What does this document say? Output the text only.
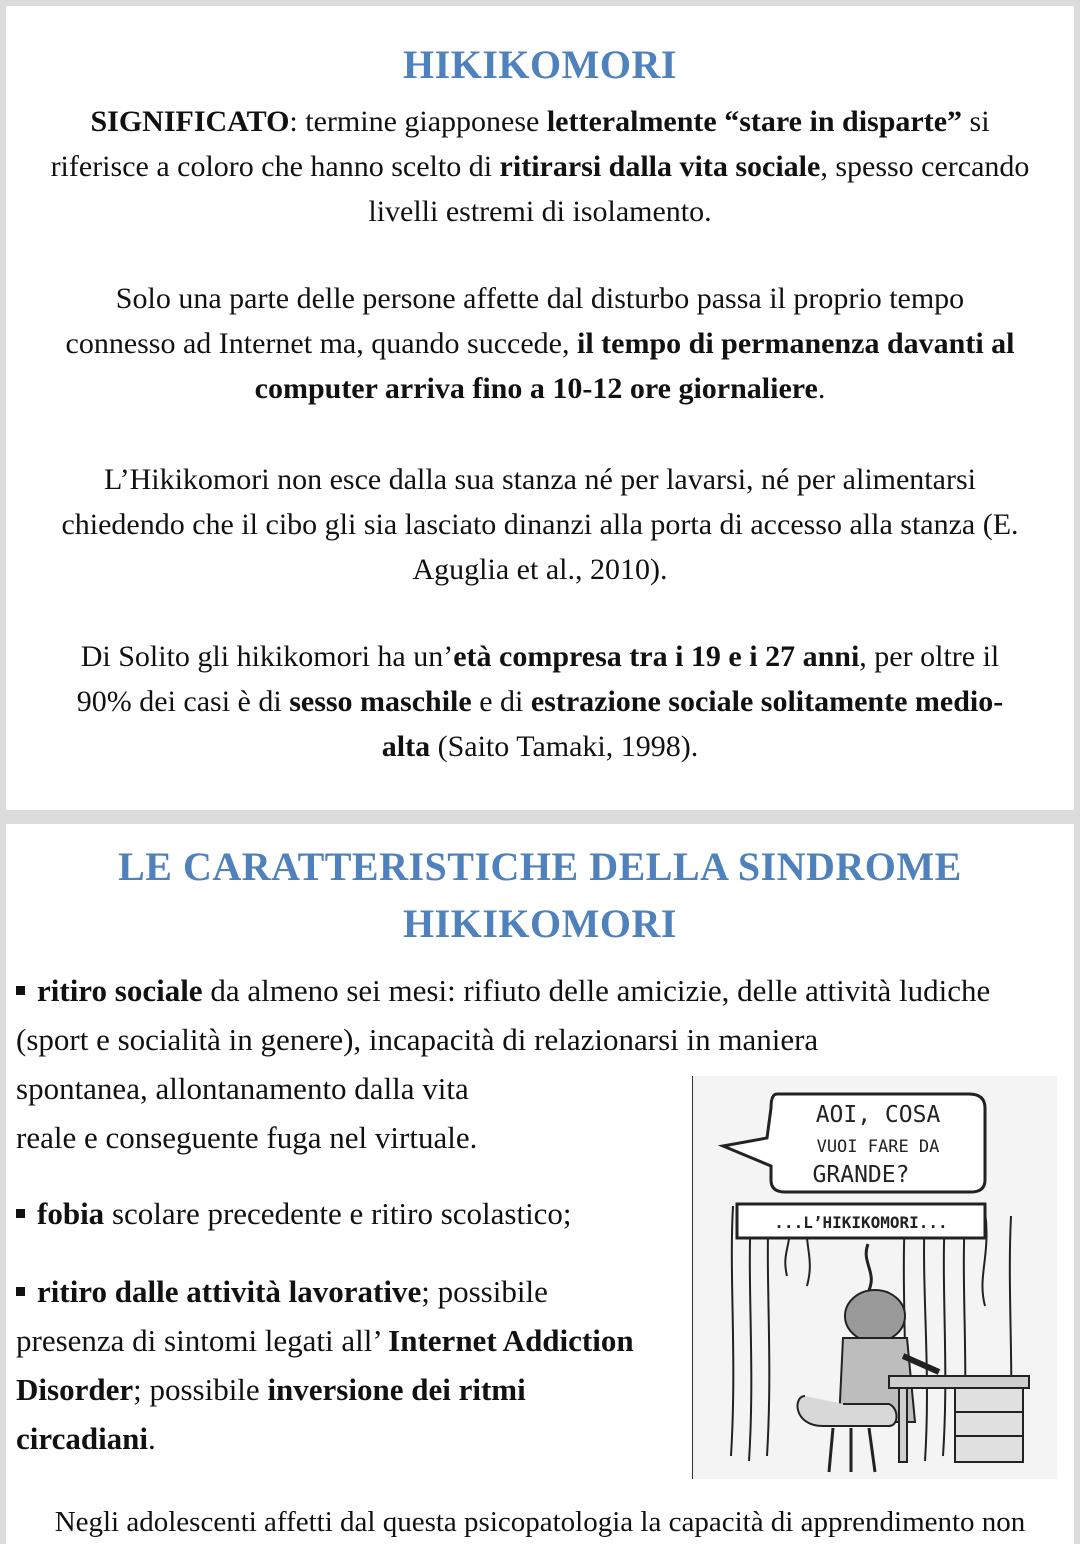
HIKIKOMORI

SIGNIFICATO: termine giapponese letteralmente “stare in disparte” si riferisce a coloro che hanno scelto di ritirarsi dalla vita sociale, spesso cercando livelli estremi di isolamento.

Solo una parte delle persone affette dal disturbo passa il proprio tempo connesso ad Internet ma, quando succede, il tempo di permanenza davanti al computer arriva fino a 10-12 ore giornaliere.

L’Hikikomori non esce dalla sua stanza né per lavarsi, né per alimentarsi chiedendo che il cibo gli sia lasciato dinanzi alla porta di accesso alla stanza (E. Aguglia et al., 2010).

Di Solito gli hikikomori ha un’età compresa tra i 19 e i 27 anni, per oltre il 90% dei casi è di sesso maschile e di estrazione sociale solitamente medio-alta (Saito Tamaki, 1998).

LE CARATTERISTICHE DELLA SINDROME
HIKIKOMORI
ritiro sociale da almeno sei mesi: rifiuto delle amicizie, delle attività ludiche (sport e socialità in genere), incapacità di relazionarsi in maniera
spontanea, allontanamento dalla vita
reale e conseguente fuga nel virtuale.
fobia scolare precedente e ritiro scolastico;
ritiro dalle attività lavorative; possibile presenza di sintomi legati all’ Internet Addiction Disorder; possibile inversione dei ritmi circadiani.
AOI, COSA
VUOI FARE DA
GRANDE?
...L’HIKIKOMORI...
Negli adolescenti affetti dal questa psicopatologia la capacità di apprendimento non
